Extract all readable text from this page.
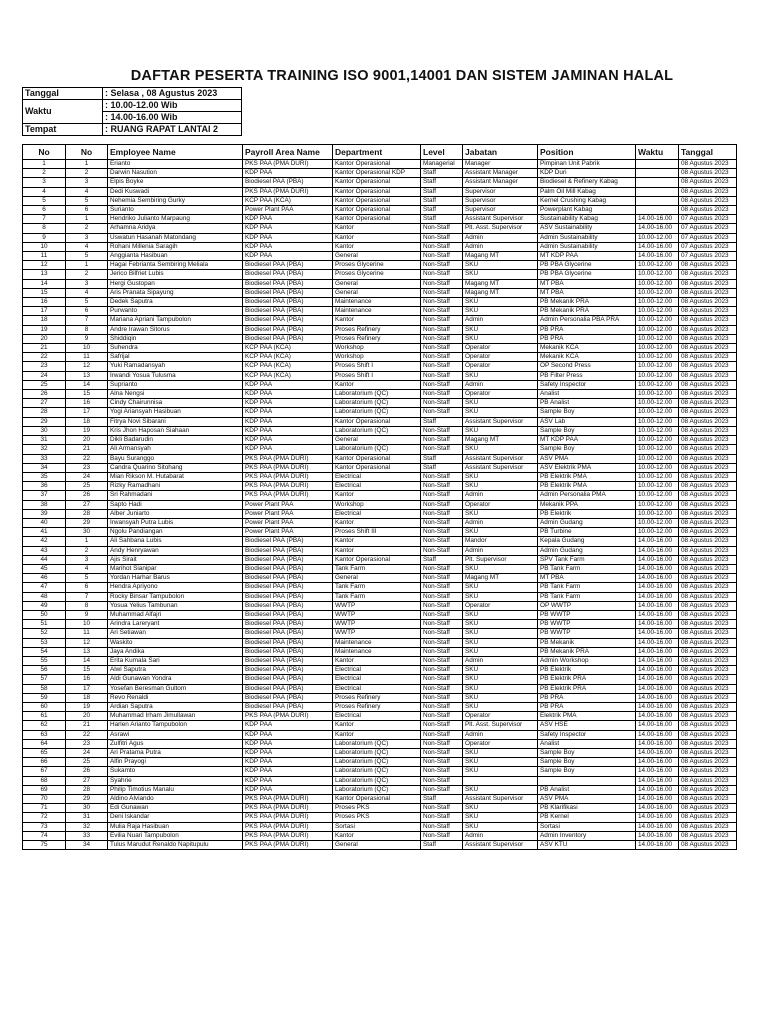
DAFTAR PESERTA TRAINING ISO 9001,14001 DAN SISTEM JAMINAN HALAL
Tanggal	: Selasa , 08 Agustus 2023
Waktu	: 10.00-12.00 Wib
	: 14.00-16.00 Wib
Tempat	: RUANG RAPAT LANTAI 2
No	No	Employee Name	Payroll Area Name	Department	Level	Jabatan	Position	Waktu	Tanggal
1	1	Erianto	PKS PAA (PMA DURI)	Kantor Operasional	Managerial	Manager	Pimpinan Unit Pabrik		08 Agustus 2023
2	2	Darwin Nasution	KDP PAA	Kantor Operasional KDP	Staff	Assistant Manager	KDP Duri		08 Agustus 2023
3	3	Elpis Boyke	Biodiesel PAA (PBA)	Kantor Operasional	Staff	Assistant Manager	Biodiesel & Refinery Kabag		08 Agustus 2023
4	4	Dedi Kuswadi	PKS PAA (PMA DURI)	Kantor Operasional	Staff	Supervisor	Palm Oil Mill Kabag		08 Agustus 2023
5	5	Nehemia Sembiring Gurky	KCP PAA (KCA)	Kantor Operasional	Staff	Supervisor	Kernel Crushing Kabag		08 Agustus 2023
6	6	Surianto	Power Plant PAA	Kantor Operasional	Staff	Supervisor	Powerplant Kabag		08 Agustus 2023
7	1	Hendriko Julianto Marpaung	KDP PAA	Kantor Operasional	Staff	Assistant Supervisor	Sustainability Kabag	14.00-16.00	07 Agustus 2023
8	2	Arhamna Aridya	KDP PAA	Kantor	Non-Staff	Plt. Asst. Supervisor	ASV Sustainability	14.00-16.00	07 Agustus 2023
9	3	Uswatun Hasanah Matondang	KDP PAA	Kantor	Non-Staff	Admin	Admin Sustainability	10.00-12.00	07 Agustus 2023
10	4	Rohani Millenia Saragih	KDP PAA	Kantor	Non-Staff	Admin	Admin Sustainability	14.00-16.00	07 Agustus 2023
11	5	Anggianta Hasibuan	KDP PAA	General	Non-Staff	Magang MT	MT KDP PAA	14.00-16.00	07 Agustus 2023
12	1	Hagai Febrianta Sembiring Meliala	Biodiesel PAA (PBA)	Proses Glycerine	Non-Staff	SKU	PB PBA Glycerine	10.00-12.00	08 Agustus 2023
13	2	Jerico Bilfriet Lubis	Biodiesel PAA (PBA)	Proses Glycerine	Non-Staff	SKU	PB PBA Glycerine	10.00-12.00	08 Agustus 2023
14	3	Hergi Gustopan	Biodiesel PAA (PBA)	General	Non-Staff	Magang MT	MT PBA	10.00-12.00	08 Agustus 2023
15	4	Aris Pranata Sipayung	Biodiesel PAA (PBA)	General	Non-Staff	Magang MT	MT PBA	10.00-12.00	08 Agustus 2023
16	5	Dedek Saputra	Biodiesel PAA (PBA)	Maintenance	Non-Staff	SKU	PB Mekanik PRA	10.00-12.00	08 Agustus 2023
17	6	Purwanto	Biodiesel PAA (PBA)	Maintenance	Non-Staff	SKU	PB Mekanik PRA	10.00-12.00	08 Agustus 2023
18	7	Mariana Apriani Tampubolon	Biodiesel PAA (PBA)	Kantor	Non-Staff	Admin	Admin Personalia PBA PRA	10.00-12.00	08 Agustus 2023
19	8	Andre Irawan Sitorus	Biodiesel PAA (PBA)	Proses Refinery	Non-Staff	SKU	PB PRA	10.00-12.00	08 Agustus 2023
20	9	Shiddiqin	Biodiesel PAA (PBA)	Proses Refinery	Non-Staff	SKU	PB PRA	10.00-12.00	08 Agustus 2023
21	10	Suhendra	KCP PAA (KCA)	Workshop	Non-Staff	Operator	Mekanik KCA	10.00-12.00	08 Agustus 2023
22	11	Safrijal	KCP PAA (KCA)	Workshop	Non-Staff	Operator	Mekanik KCA	10.00-12.00	08 Agustus 2023
23	12	Yuki Ramadansyah	KCP PAA (KCA)	Proses Shift I	Non-Staff	Operator	OP Second Press	10.00-12.00	08 Agustus 2023
24	13	Irwandi Yosua Tulusma	KCP PAA (KCA)	Proses Shift I	Non-Staff	SKU	PB Filter Press	10.00-12.00	08 Agustus 2023
25	14	Suprianto	KDP PAA	Kantor	Non-Staff	Admin	Safety Inspector	10.00-12.00	08 Agustus 2023
26	15	Alna Nengsi	KDP PAA	Laboratorium (QC)	Non-Staff	Operator	Analist	10.00-12.00	08 Agustus 2023
27	16	Cindy Chairunnisa	KDP PAA	Laboratorium (QC)	Non-Staff	SKU	PB Analist	10.00-12.00	08 Agustus 2023
28	17	Yogi Ariansyah Hasibuan	KDP PAA	Laboratorium (QC)	Non-Staff	SKU	Sample Boy	10.00-12.00	08 Agustus 2023
29	18	Fitrya Novi Sibarani	KDP PAA	Kantor Operasional	Staff	Assistant Supervisor	ASV Lab	10.00-12.00	08 Agustus 2023
30	19	Kris Jhon Haposan Siahaan	KDP PAA	Laboratorium (QC)	Non-Staff	SKU	Sample Boy	10.00-12.00	08 Agustus 2023
31	20	Dikli Badarudin	KDP PAA	General	Non-Staff	Magang MT	MT KDP PAA	10.00-12.00	08 Agustus 2023
32	21	Ali Armansyah	KDP PAA	Laboratorium (QC)	Non-Staff	SKU	Sample Boy	10.00-12.00	08 Agustus 2023
33	22	Bayu Suranggo	PKS PAA (PMA DURI)	Kantor Operasional	Staff	Assistant Supervisor	ASV PMA	10.00-12.00	08 Agustus 2023
34	23	Candra Quarino Sitohang	PKS PAA (PMA DURI)	Kantor Operasional	Staff	Assistant Supervisor	ASV Elektrik PMA	10.00-12.00	08 Agustus 2023
35	24	Mian Rikson M. Hutabarat	PKS PAA (PMA DURI)	Electrical	Non-Staff	SKU	PB Elektrik PMA	10.00-12.00	08 Agustus 2023
36	25	Rizky Ramadhani	PKS PAA (PMA DURI)	Electrical	Non-Staff	SKU	PB Elektrik PMA	10.00-12.00	08 Agustus 2023
37	26	Sri Rahmadani	PKS PAA (PMA DURI)	Kantor	Non-Staff	Admin	Admin Personalia PMA	10.00-12.00	08 Agustus 2023
38	27	Sapto Hadi	Power Plant PAA	Workshop	Non-Staff	Operator	Mekanik PPA	10.00-12.00	08 Agustus 2023
39	28	Alber Juniarto	Power Plant PAA	Electrical	Non-Staff	SKU	PB Elektrik	10.00-12.00	08 Agustus 2023
40	29	Irwansyah Putra Lubis	Power Plant PAA	Kantor	Non-Staff	Admin	Admin Gudang	10.00-12.00	08 Agustus 2023
41	30	Ngolu Pandiangan	Power Plant PAA	Proses Shift III	Non-Staff	SKU	PB Turbine	10.00-12.00	08 Agustus 2023
42	1	Ali Sahbana Lubis	Biodiesel PAA (PBA)	Kantor	Non-Staff	Mandor	Kepala Gudang	14.00-16.00	08 Agustus 2023
43	2	Andy Henryawan	Biodiesel PAA (PBA)	Kantor	Non-Staff	Admin	Admin Gudang	14.00-16.00	08 Agustus 2023
44	3	Ajis Sirait	Biodiesel PAA (PBA)	Kantor Operasional	Staff	Plt. Supervisor	SPV Tank Farm	14.00-16.00	08 Agustus 2023
45	4	Marihot Sianipar	Biodiesel PAA (PBA)	Tank Farm	Non-Staff	SKU	PB Tank Farm	14.00-16.00	08 Agustus 2023
46	5	Yordan Harhar Barus	Biodiesel PAA (PBA)	General	Non-Staff	Magang MT	MT PBA	14.00-16.00	08 Agustus 2023
47	6	Hendra Apriyono	Biodiesel PAA (PBA)	Tank Farm	Non-Staff	SKU	PB Tank Farm	14.00-16.00	08 Agustus 2023
48	7	Rocky Binsar Tampubolon	Biodiesel PAA (PBA)	Tank Farm	Non-Staff	SKU	PB Tank Farm	14.00-16.00	08 Agustus 2023
49	8	Yosua Yelius Tambunan	Biodiesel PAA (PBA)	WWTP	Non-Staff	Operator	OP WWTP	14.00-16.00	08 Agustus 2023
50	9	Muhammad Alfajri	Biodiesel PAA (PBA)	WWTP	Non-Staff	SKU	PB WWTP	14.00-16.00	08 Agustus 2023
51	10	Arindra Lareryant	Biodiesel PAA (PBA)	WWTP	Non-Staff	SKU	PB WWTP	14.00-16.00	08 Agustus 2023
52	11	Ari Setiawan	Biodiesel PAA (PBA)	WWTP	Non-Staff	SKU	PB WWTP	14.00-16.00	08 Agustus 2023
53	12	Waskito	Biodiesel PAA (PBA)	Maintenance	Non-Staff	SKU	PB Mekanik	14.00-16.00	08 Agustus 2023
54	13	Jaya Andika	Biodiesel PAA (PBA)	Maintenance	Non-Staff	SKU	PB Mekanik PRA	14.00-16.00	08 Agustus 2023
55	14	Erita Kumala Sari	Biodiesel PAA (PBA)	Kantor	Non-Staff	Admin	Admin Workshop	14.00-16.00	08 Agustus 2023
56	15	Alwi Saputra	Biodiesel PAA (PBA)	Electrical	Non-Staff	SKU	PB Elektrik	14.00-16.00	08 Agustus 2023
57	16	Aldi Gunawan Yondra	Biodiesel PAA (PBA)	Electrical	Non-Staff	SKU	PB Elektrik PRA	14.00-16.00	08 Agustus 2023
58	17	Yosefan Beresman Gultom	Biodiesel PAA (PBA)	Electrical	Non-Staff	SKU	PB Elektrik PRA	14.00-16.00	08 Agustus 2023
59	18	Revo Renaldi	Biodiesel PAA (PBA)	Proses Refinery	Non-Staff	SKU	PB PRA	14.00-16.00	08 Agustus 2023
60	19	Ardian Saputra	Biodiesel PAA (PBA)	Proses Refinery	Non-Staff	SKU	PB PRA	14.00-16.00	08 Agustus 2023
61	20	Muhammad Irham Jimullawan	PKS PAA (PMA DURI)	Electrical	Non-Staff	Operator	Elektrik PMA	14.00-16.00	08 Agustus 2023
62	21	Harlen Arianto Tampubolon	KDP PAA	Kantor	Non-Staff	Plt. Asst. Supervisor	ASV HSE	14.00-16.00	08 Agustus 2023
63	22	Asrawi	KDP PAA	Kantor	Non-Staff	Admin	Safety Inspector	14.00-16.00	08 Agustus 2023
64	23	Zulfitri Agus	KDP PAA	Laboratorium (QC)	Non-Staff	Operator	Analist	14.00-16.00	08 Agustus 2023
65	24	Ari Pratama Putra	KDP PAA	Laboratorium (QC)	Non-Staff	SKU	Sample Boy	14.00-16.00	08 Agustus 2023
66	25	Alfin Prayogi	KDP PAA	Laboratorium (QC)	Non-Staff	SKU	Sample Boy	14.00-16.00	08 Agustus 2023
67	26	Sukamto	KDP PAA	Laboratorium (QC)	Non-Staff	SKU	Sample Boy	14.00-16.00	08 Agustus 2023
68	27	Syahrie	KDP PAA	Laboratorium (QC)	Non-Staff			14.00-16.00	08 Agustus 2023
69	28	Philip Timotius Manalu	KDP PAA	Laboratorium (QC)	Non-Staff	SKU	PB Analist	14.00-16.00	08 Agustus 2023
70	29	Aldino Alviando	PKS PAA (PMA DURI)	Kantor Operasional	Staff	Assistant Supervisor	ASV PMA	14.00-16.00	08 Agustus 2023
71	30	Edi Gunawan	PKS PAA (PMA DURI)	Proses PKS	Non-Staff	SKU	PB Klarifikasi	14.00-16.00	08 Agustus 2023
72	31	Deni Iskandar	PKS PAA (PMA DURI)	Proses PKS	Non-Staff	SKU	PB Kernel	14.00-16.00	08 Agustus 2023
73	32	Mulia Raja Hasibuan	PKS PAA (PMA DURI)	Sortasi	Non-Staff	SKU	Sortasi	14.00-16.00	08 Agustus 2023
74	33	Evilia Nuari Tampubolon	PKS PAA (PMA DURI)	Kantor	Non-Staff	Admin	Admin Inventory	14.00-16.00	08 Agustus 2023
75	34	Tulus Marudut Renaldo Napitupulu	PKS PAA (PMA DURI)	General	Staff	Assistant Supervisor	ASV KTU	14.00-16.00	08 Agustus 2023
